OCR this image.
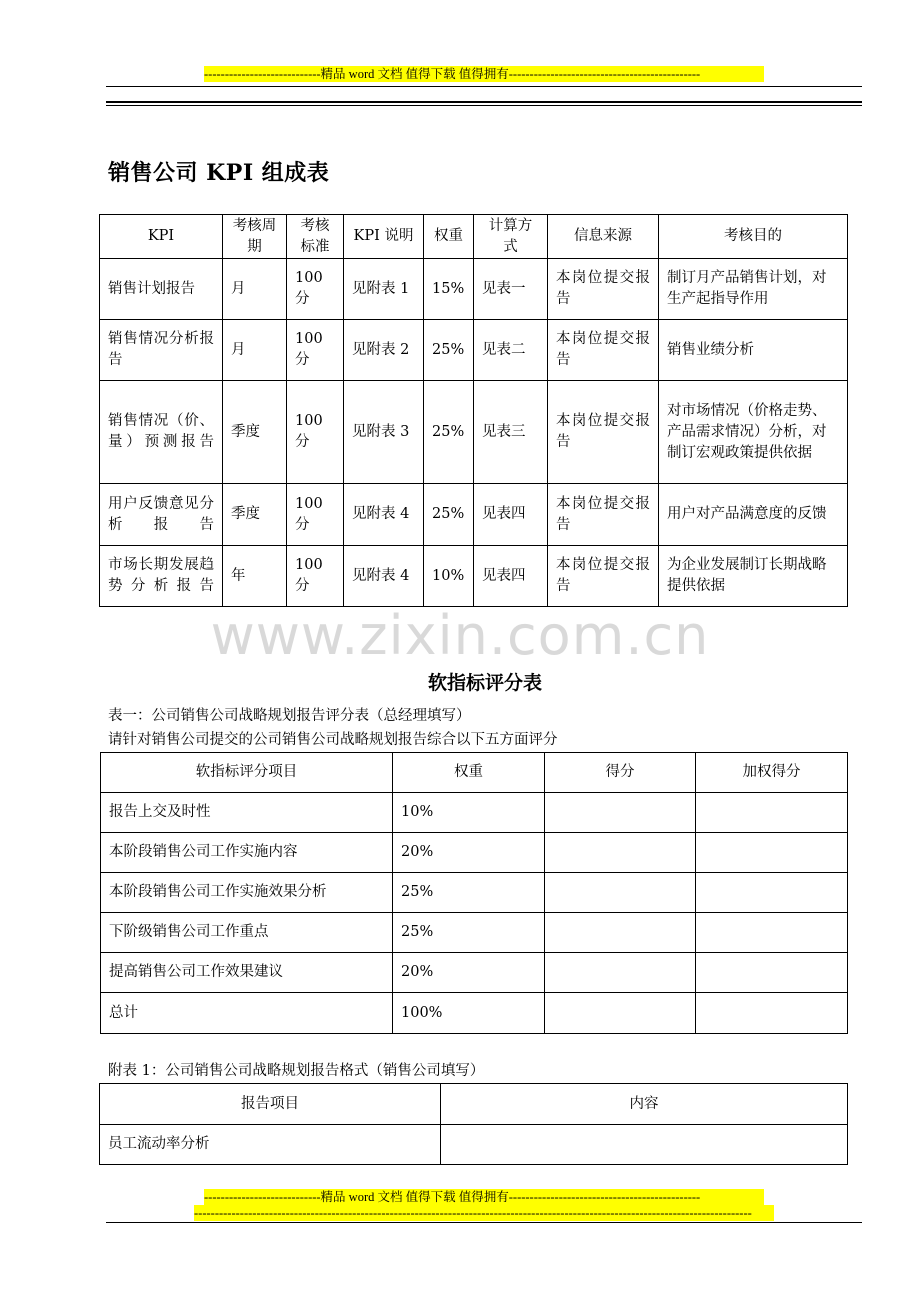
----------------------------精品 word 文档 值得下载 值得拥有----------------------------------------------
销售公司 KPI 组成表
KPI	考核周期	考核标准	KPI 说明	权重	计算方式	信息来源	考核目的
销售计划报告	月	100 分	见附表 1	15%	见表一	本岗位提交报告	制订月产品销售计划，对生产起指导作用
销售情况分析报告	月	100 分	见附表 2	25%	见表二	本岗位提交报告	销售业绩分析
销售情况（价、量）预测报告	季度	100 分	见附表 3	25%	见表三	本岗位提交报告	对市场情况（价格走势、产品需求情况）分析，对制订宏观政策提供依据
用户反馈意见分析报告	季度	100 分	见附表 4	25%	见表四	本岗位提交报告	用户对产品满意度的反馈
市场长期发展趋势分析报告	年	100 分	见附表 4	10%	见表四	本岗位提交报告	为企业发展制订长期战略提供依据
www.zixin.com.cn
软指标评分表
表一：公司销售公司战略规划报告评分表（总经理填写）
请针对销售公司提交的公司销售公司战略规划报告综合以下五方面评分
软指标评分项目	权重	得分	加权得分
报告上交及时性	10%		
本阶段销售公司工作实施内容	20%		
本阶段销售公司工作实施效果分析	25%		
下阶级销售公司工作重点	25%		
提高销售公司工作效果建议	20%		
总计	100%		
附表 1：公司销售公司战略规划报告格式（销售公司填写）
报告项目	内容
员工流动率分析	
----------------------------精品 word 文档 值得下载 值得拥有----------------------------------------------
--------------------------------------------------------------------------------------------------------------------------------------
